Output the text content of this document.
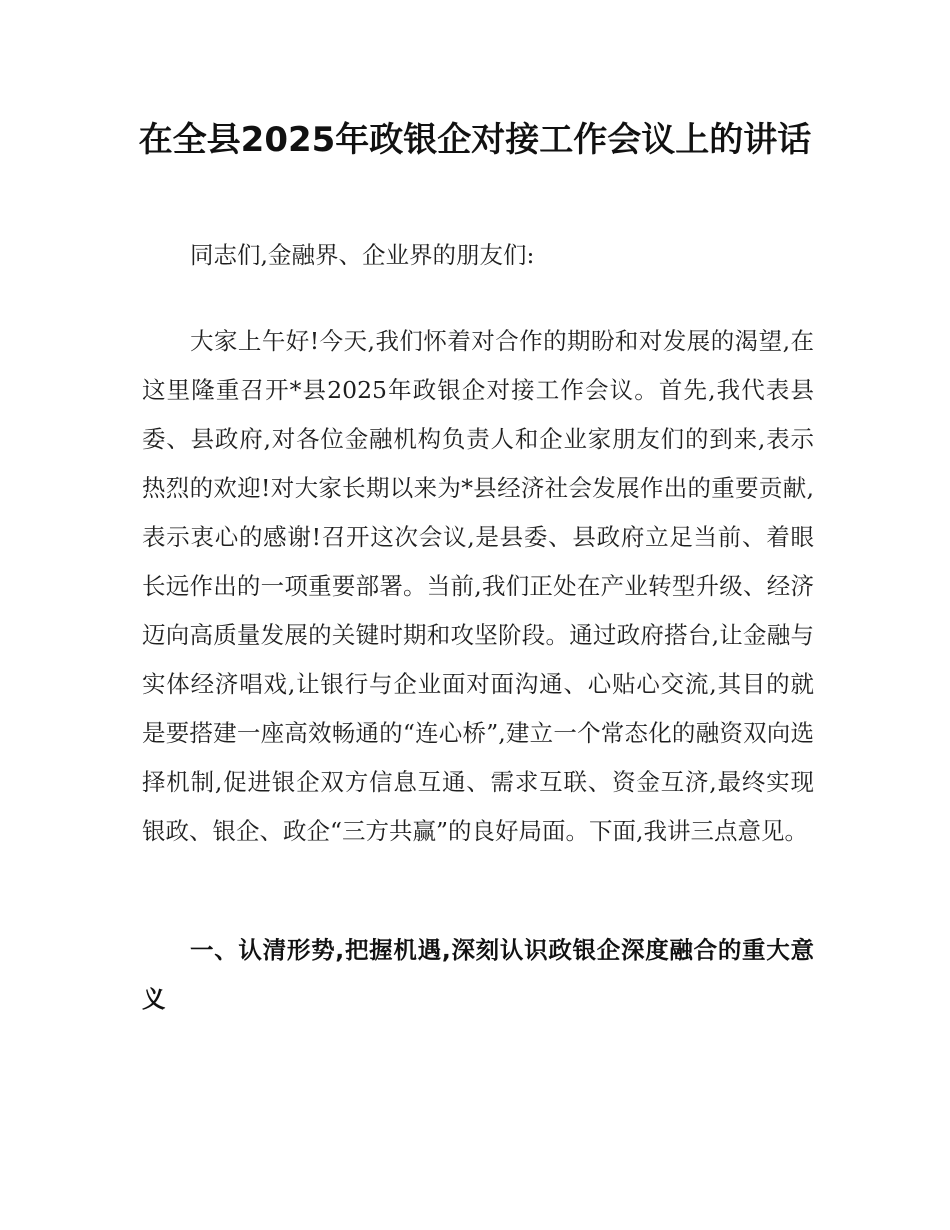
在全县2025年政银企对接工作会议上的讲话
同志们,金融界、企业界的朋友们:
大家上午好!今天,我们怀着对合作的期盼和对发展的渴望,在这里隆重召开*县2025年政银企对接工作会议。首先,我代表县委、县政府,对各位金融机构负责人和企业家朋友们的到来,表示热烈的欢迎!对大家长期以来为*县经济社会发展作出的重要贡献,表示衷心的感谢!召开这次会议,是县委、县政府立足当前、着眼长远作出的一项重要部署。当前,我们正处在产业转型升级、经济迈向高质量发展的关键时期和攻坚阶段。通过政府搭台,让金融与实体经济唱戏,让银行与企业面对面沟通、心贴心交流,其目的就是要搭建一座高效畅通的“连心桥”,建立一个常态化的融资双向选择机制,促进银企双方信息互通、需求互联、资金互济,最终实现银政、银企、政企“三方共赢”的良好局面。下面,我讲三点意见。
一、认清形势,把握机遇,深刻认识政银企深度融合的重大意义
